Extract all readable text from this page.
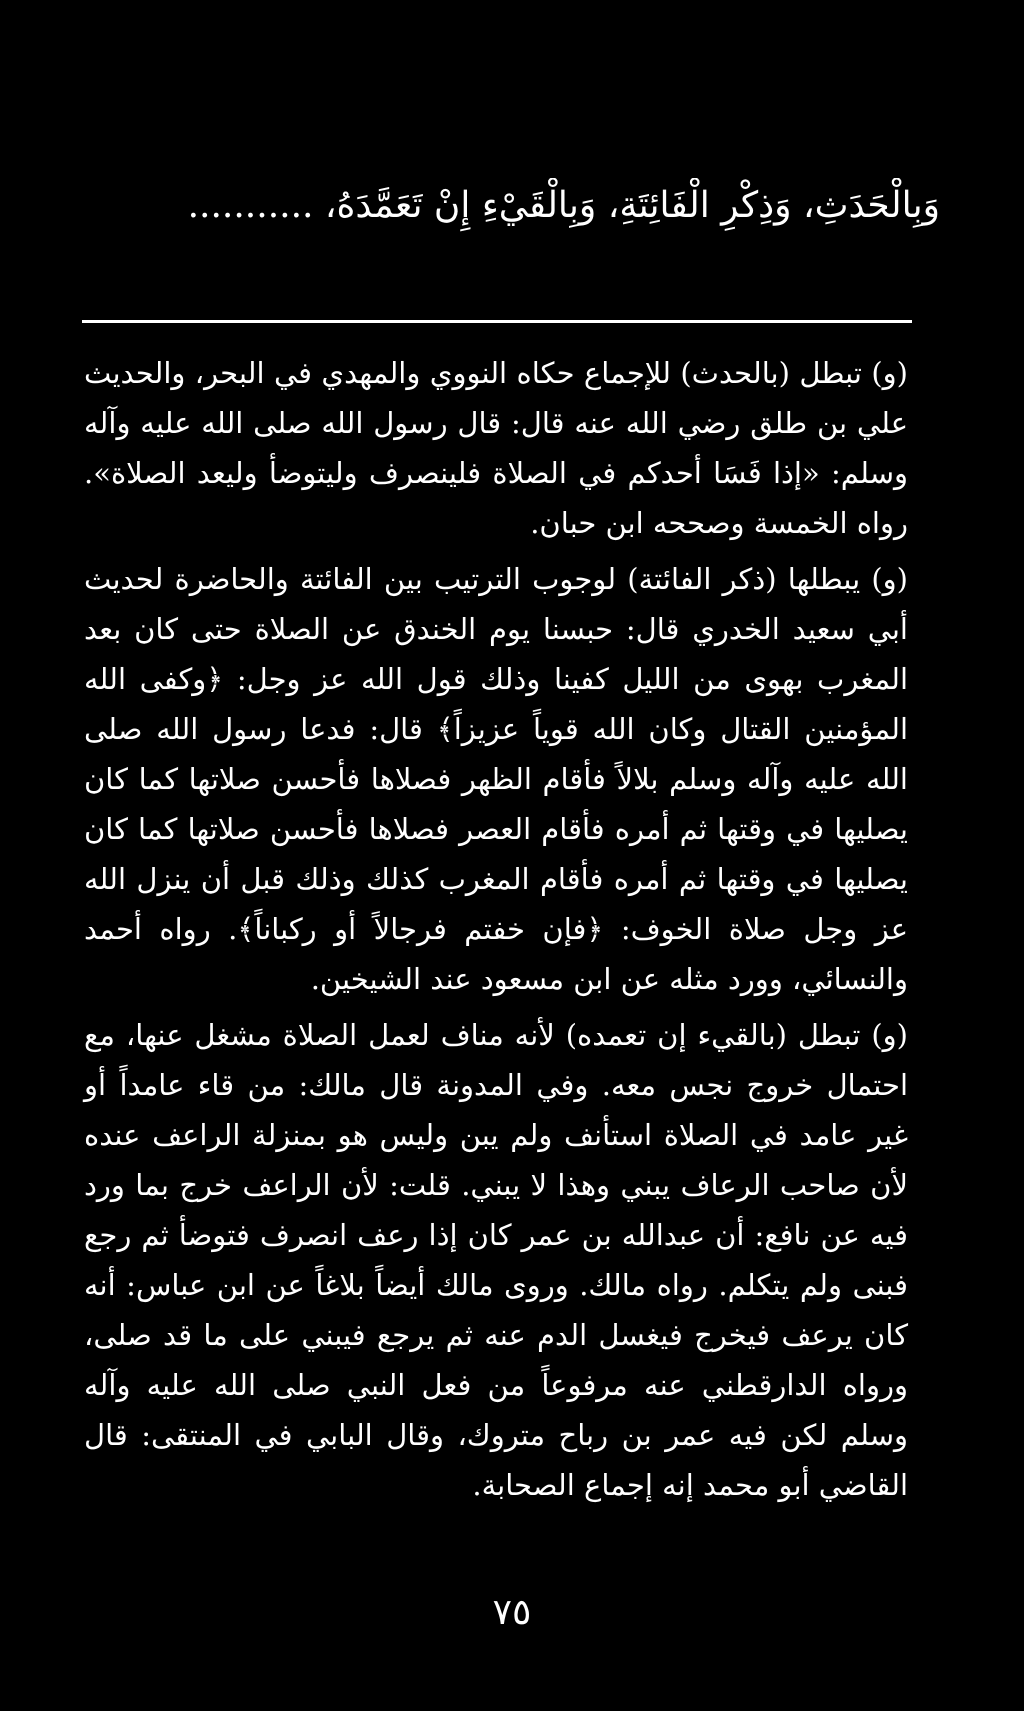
وَبِالْحَدَثِ، وَذِكْرِ الْفَائِتَةِ، وَبِالْقَيْءِ إِنْ تَعَمَّدَهُ، ...........

(و) تبطل (بالحدث) للإجماع حكاه النووي والمهدي في البحر، والحديث علي بن طلق رضي الله عنه قال: قال رسول الله صلى الله عليه وآله وسلم: «إذا فَسَا أحدكم في الصلاة فلينصرف وليتوضأ وليعد الصلاة». رواه الخمسة وصححه ابن حبان.

(و) يبطلها (ذكر الفائتة) لوجوب الترتيب بين الفائتة والحاضرة لحديث أبي سعيد الخدري قال: حبسنا يوم الخندق عن الصلاة حتى كان بعد المغرب بهوى من الليل كفينا وذلك قول الله عز وجل: ﴿وكفى الله المؤمنين القتال وكان الله قوياً عزيزاً﴾ قال: فدعا رسول الله صلى الله عليه وآله وسلم بلالاً فأقام الظهر فصلاها فأحسن صلاتها كما كان يصليها في وقتها ثم أمره فأقام العصر فصلاها فأحسن صلاتها كما كان يصليها في وقتها ثم أمره فأقام المغرب كذلك وذلك قبل أن ينزل الله عز وجل صلاة الخوف: ﴿فإن خفتم فرجالاً أو ركباناً﴾. رواه أحمد والنسائي، وورد مثله عن ابن مسعود عند الشيخين.

(و) تبطل (بالقيء إن تعمده) لأنه مناف لعمل الصلاة مشغل عنها، مع احتمال خروج نجس معه. وفي المدونة قال مالك: من قاء عامداً أو غير عامد في الصلاة استأنف ولم يبن وليس هو بمنزلة الراعف عنده لأن صاحب الرعاف يبني وهذا لا يبني. قلت: لأن الراعف خرج بما ورد فيه عن نافع: أن عبدالله بن عمر كان إذا رعف انصرف فتوضأ ثم رجع فبنى ولم يتكلم. رواه مالك. وروى مالك أيضاً بلاغاً عن ابن عباس: أنه كان يرعف فيخرج فيغسل الدم عنه ثم يرجع فيبني على ما قد صلى، ورواه الدارقطني عنه مرفوعاً من فعل النبي صلى الله عليه وآله وسلم لكن فيه عمر بن رباح متروك، وقال البابي في المنتقى: قال القاضي أبو محمد إنه إجماع الصحابة.

٧٥
